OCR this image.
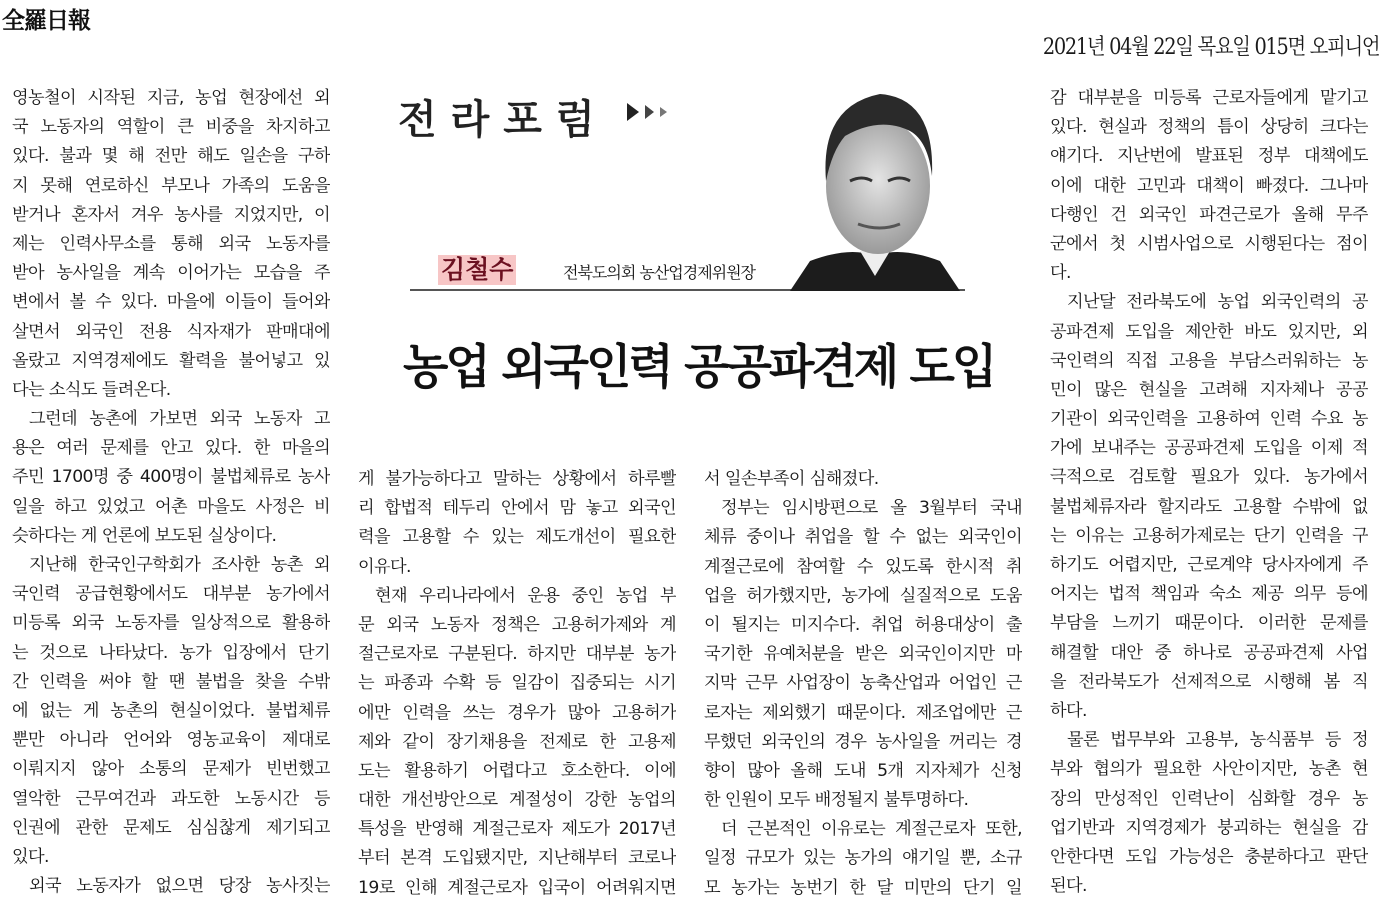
全羅日報
2021년 04월 22일 목요일 015면 오피니언
전라포럼
김철수	전북도의회 농산업경제위원장
농업 외국인력 공공파견제 도입
영농철이 시작된 지금, 농업 현장에선 외
국 노동자의 역할이 큰 비중을 차지하고
있다. 불과 몇 해 전만 해도 일손을 구하
지 못해 연로하신 부모나 가족의 도움을
받거나 혼자서 겨우 농사를 지었지만, 이
제는 인력사무소를 통해 외국 노동자를
받아 농사일을 계속 이어가는 모습을 주
변에서 볼 수 있다. 마을에 이들이 들어와
살면서 외국인 전용 식자재가 판매대에
올랐고 지역경제에도 활력을 불어넣고 있
다는 소식도 들려온다.
그런데 농촌에 가보면 외국 노동자 고
용은 여러 문제를 안고 있다. 한 마을의
주민 1700명 중 400명이 불법체류로 농사
일을 하고 있었고 어촌 마을도 사정은 비
슷하다는 게 언론에 보도된 실상이다.
지난해 한국인구학회가 조사한 농촌 외
국인력 공급현황에서도 대부분 농가에서
미등록 외국 노동자를 일상적으로 활용하
는 것으로 나타났다. 농가 입장에서 단기
간 인력을 써야 할 땐 불법을 찾을 수밖
에 없는 게 농촌의 현실이었다. 불법체류
뿐만 아니라 언어와 영농교육이 제대로
이뤄지지 않아 소통의 문제가 빈번했고
열악한 근무여건과 과도한 노동시간 등
인권에 관한 문제도 심심찮게 제기되고
있다.
외국 노동자가 없으면 당장 농사짓는
게 불가능하다고 말하는 상황에서 하루빨
리 합법적 테두리 안에서 맘 놓고 외국인
력을 고용할 수 있는 제도개선이 필요한
이유다.
현재 우리나라에서 운용 중인 농업 부
문 외국 노동자 정책은 고용허가제와 계
절근로자로 구분된다. 하지만 대부분 농가
는 파종과 수확 등 일감이 집중되는 시기
에만 인력을 쓰는 경우가 많아 고용허가
제와 같이 장기채용을 전제로 한 고용제
도는 활용하기 어렵다고 호소한다. 이에
대한 개선방안으로 계절성이 강한 농업의
특성을 반영해 계절근로자 제도가 2017년
부터 본격 도입됐지만, 지난해부터 코로나
19로 인해 계절근로자 입국이 어려워지면
서 일손부족이 심해졌다.
정부는 임시방편으로 올 3월부터 국내
체류 중이나 취업을 할 수 없는 외국인이
계절근로에 참여할 수 있도록 한시적 취
업을 허가했지만, 농가에 실질적으로 도움
이 될지는 미지수다. 취업 허용대상이 출
국기한 유예처분을 받은 외국인이지만 마
지막 근무 사업장이 농축산업과 어업인 근
로자는 제외했기 때문이다. 제조업에만 근
무했던 외국인의 경우 농사일을 꺼리는 경
향이 많아 올해 도내 5개 지자체가 신청
한 인원이 모두 배정될지 불투명하다.
더 근본적인 이유로는 계절근로자 또한,
일정 규모가 있는 농가의 얘기일 뿐, 소규
모 농가는 농번기 한 달 미만의 단기 일
감 대부분을 미등록 근로자들에게 맡기고
있다. 현실과 정책의 틈이 상당히 크다는
얘기다. 지난번에 발표된 정부 대책에도
이에 대한 고민과 대책이 빠졌다. 그나마
다행인 건 외국인 파견근로가 올해 무주
군에서 첫 시범사업으로 시행된다는 점이
다.
지난달 전라북도에 농업 외국인력의 공
공파견제 도입을 제안한 바도 있지만, 외
국인력의 직접 고용을 부담스러워하는 농
민이 많은 현실을 고려해 지자체나 공공
기관이 외국인력을 고용하여 인력 수요 농
가에 보내주는 공공파견제 도입을 이제 적
극적으로 검토할 필요가 있다. 농가에서
불법체류자라 할지라도 고용할 수밖에 없
는 이유는 고용허가제로는 단기 인력을 구
하기도 어렵지만, 근로계약 당사자에게 주
어지는 법적 책임과 숙소 제공 의무 등에
부담을 느끼기 때문이다. 이러한 문제를
해결할 대안 중 하나로 공공파견제 사업
을 전라북도가 선제적으로 시행해 봄 직
하다.
물론 법무부와 고용부, 농식품부 등 정
부와 협의가 필요한 사안이지만, 농촌 현
장의 만성적인 인력난이 심화할 경우 농
업기반과 지역경제가 붕괴하는 현실을 감
안한다면 도입 가능성은 충분하다고 판단
된다.
